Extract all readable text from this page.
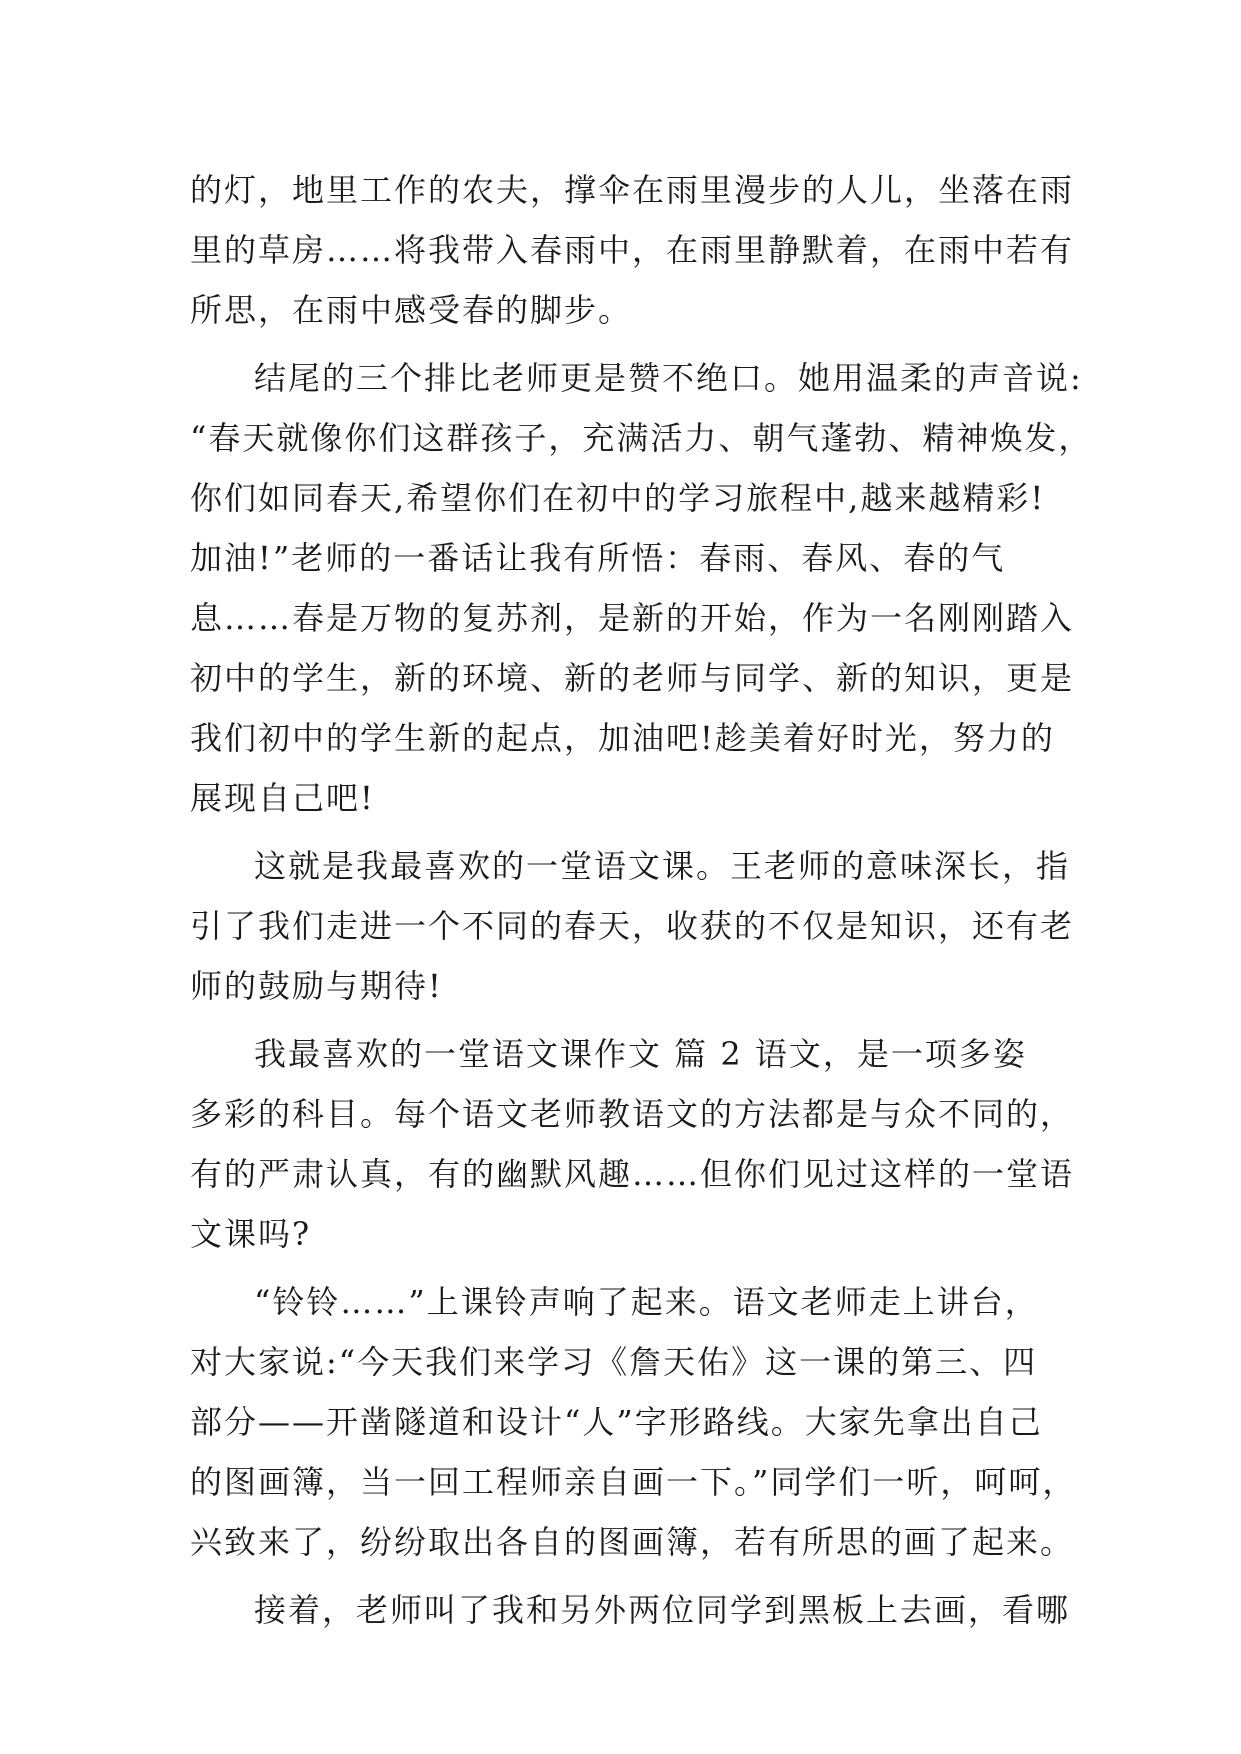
的灯，地里工作的农夫，撑伞在雨里漫步的人儿，坐落在雨
里的草房……将我带入春雨中，在雨里静默着，在雨中若有
所思，在雨中感受春的脚步。
结尾的三个排比老师更是赞不绝口。她用温柔的声音说:
“春天就像你们这群孩子，充满活力、朝气蓬勃、精神焕发，
你们如同春天,希望你们在初中的学习旅程中,越来越精彩!
加油!”老师的一番话让我有所悟：春雨、春风、春的气
息……春是万物的复苏剂，是新的开始，作为一名刚刚踏入
初中的学生，新的环境、新的老师与同学、新的知识，更是
我们初中的学生新的起点，加油吧!趁美着好时光，努力的
展现自己吧!
这就是我最喜欢的一堂语文课。王老师的意味深长，指
引了我们走进一个不同的春天，收获的不仅是知识，还有老
师的鼓励与期待!
我最喜欢的一堂语文课作文 篇 2 语文，是一项多姿
多彩的科目。每个语文老师教语文的方法都是与众不同的，
有的严肃认真，有的幽默风趣……但你们见过这样的一堂语
文课吗?
“铃铃……”上课铃声响了起来。语文老师走上讲台，
对大家说:“今天我们来学习《詹天佑》这一课的第三、四
部分——开凿隧道和设计“人”字形路线。大家先拿出自己
的图画簿，当一回工程师亲自画一下。”同学们一听，呵呵，
兴致来了，纷纷取出各自的图画簿，若有所思的画了起来。
接着，老师叫了我和另外两位同学到黑板上去画，看哪
